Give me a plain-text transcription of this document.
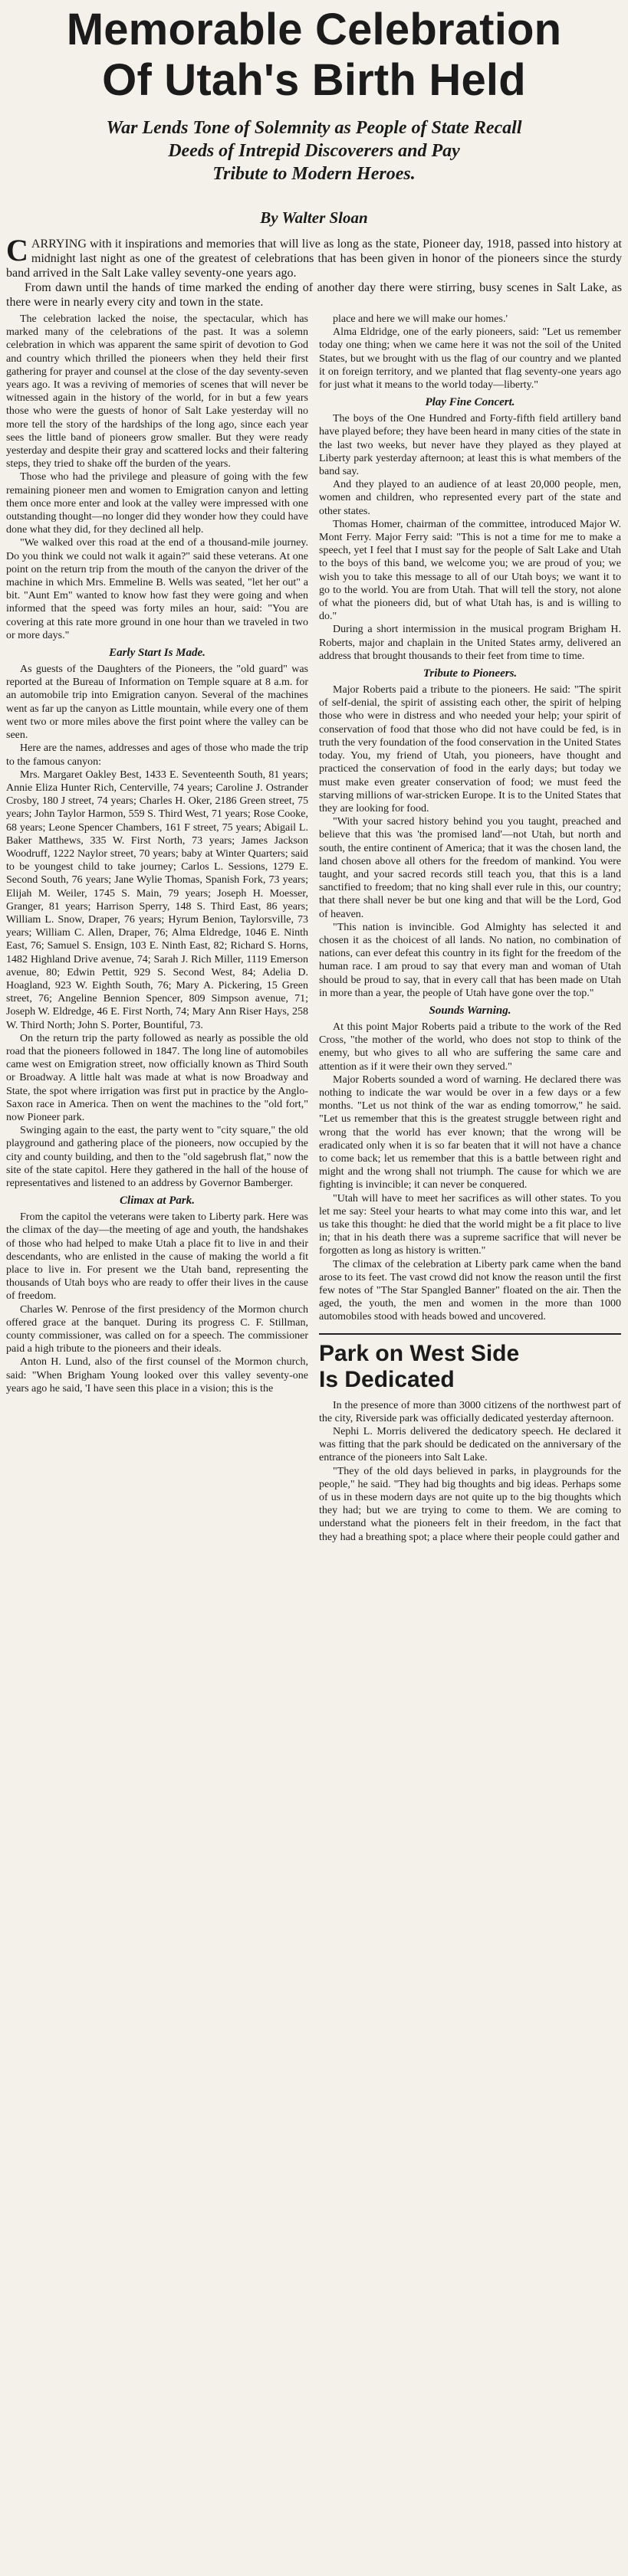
Memorable Celebration
Of Utah's Birth Held
War Lends Tone of Solemnity as People of State Recall
Deeds of Intrepid Discoverers and Pay
Tribute to Modern Heroes.
By Walter Sloan

CARRYING with it inspirations and memories that will live as long as the state, Pioneer day, 1918, passed into history at midnight last night as one of the greatest of celebrations that has been given in honor of the pioneers since the sturdy band arrived in the Salt Lake valley seventy-one years ago.

From dawn until the hands of time marked the ending of another day there were stirring, busy scenes in Salt Lake, as there were in nearly every city and town in the state.

The celebration lacked the noise, the spectacular, which has marked many of the celebrations of the past. It was a solemn celebration in which was apparent the same spirit of devotion to God and country which thrilled the pioneers when they held their first gathering for prayer and counsel at the close of the day seventy-seven years ago. It was a reviving of memories of scenes that will never be witnessed again in the history of the world, for in but a few years those who were the guests of honor of Salt Lake yesterday will no more tell the story of the hardships of the long ago, since each year sees the little band of pioneers grow smaller. But they were ready yesterday and despite their gray and scattered locks and their faltering steps, they tried to shake off the burden of the years.

Those who had the privilege and pleasure of going with the few remaining pioneer men and women to Emigration canyon and letting them once more enter and look at the valley were impressed with one outstanding thought—no longer did they wonder how they could have done what they did, for they declined all help.

"We walked over this road at the end of a thousand-mile journey. Do you think we could not walk it again?" said these veterans. At one point on the return trip from the mouth of the canyon the driver of the machine in which Mrs. Emmeline B. Wells was seated, "let her out" a bit. "Aunt Em" wanted to know how fast they were going and when informed that the speed was forty miles an hour, said: "You are covering at this rate more ground in one hour than we traveled in two or more days."

Early Start Is Made.

As guests of the Daughters of the Pioneers, the "old guard" was reported at the Bureau of Information on Temple square at 8 a.m. for an automobile trip into Emigration canyon. Several of the machines went as far up the canyon as Little mountain, while every one of them went two or more miles above the first point where the valley can be seen.

Here are the names, addresses and ages of those who made the trip to the famous canyon:

Mrs. Margaret Oakley Best, 1433 E. Seventeenth South, 81 years; Annie Eliza Hunter Rich, Centerville, 74 years; Caroline J. Ostrander Crosby, 180 J street, 74 years; Charles H. Oker, 2186 Green street, 75 years; John Taylor Harmon, 559 S. Third West, 71 years; Rose Cooke, 68 years; Leone Spencer Chambers, 161 F street, 75 years; Abigail L. Baker Matthews, 335 W. First North, 73 years; James Jackson Woodruff, 1222 Naylor street, 70 years; baby at Winter Quarters; said to be youngest child to take journey; Carlos L. Sessions, 1279 E. Second South, 76 years; Jane Wylie Thomas, Spanish Fork, 73 years; Elijah M. Weiler, 1745 S. Main, 79 years; Joseph H. Moesser, Granger, 81 years; Harrison Sperry, 148 S. Third East, 86 years; William L. Snow, Draper, 76 years; Hyrum Benion, Taylorsville, 73 years; William C. Allen, Draper, 76; Alma Eldredge, 1046 E. Ninth East, 76; Samuel S. Ensign, 103 E. Ninth East, 82; Richard S. Horns, 1482 Highland Drive avenue, 74; Sarah J. Rich Miller, 1119 Emerson avenue, 80; Edwin Pettit, 929 S. Second West, 84; Adelia D. Hoagland, 923 W. Eighth South, 76; Mary A. Pickering, 15 Green street, 76; Angeline Bennion Spencer, 809 Simpson avenue, 71; Joseph W. Eldredge, 46 E. First North, 74; Mary Ann Riser Hays, 258 W. Third North; John S. Porter, Bountiful, 73.

On the return trip the party followed as nearly as possible the old road that the pioneers followed in 1847. The long line of automobiles came west on Emigration street, now officially known as Third South or Broadway. A little halt was made at what is now Broadway and State, the spot where irrigation was first put in practice by the Anglo-Saxon race in America. Then on went the machines to the "old fort," now Pioneer park.

Swinging again to the east, the party went to "city square," the old playground and gathering place of the pioneers, now occupied by the city and county building, and then to the "old sagebrush flat," now the site of the state capitol. Here they gathered in the hall of the house of representatives and listened to an address by Governor Bamberger.

Climax at Park.

From the capitol the veterans were taken to Liberty park. Here was the climax of the day—the meeting of age and youth, the handshakes of those who had helped to make Utah a place fit to live in and their descendants, who are enlisted in the cause of making the world a fit place to live in. For present we the Utah band, representing the thousands of Utah boys who are ready to offer their lives in the cause of freedom.

Charles W. Penrose of the first presidency of the Mormon church offered grace at the banquet. During its progress C. F. Stillman, county commissioner, was called on for a speech. The commissioner paid a high tribute to the pioneers and their ideals.

Anton H. Lund, also of the first counsel of the Mormon church, said: "When Brigham Young looked over this valley seventy-one years ago he said, 'I have seen this place in a vision; this is the

place and here we will make our homes.'

Alma Eldridge, one of the early pioneers, said: "Let us remember today one thing; when we came here it was not the soil of the United States, but we brought with us the flag of our country and we planted it on foreign territory, and we planted that flag seventy-one years ago for just what it means to the world today—liberty."

Play Fine Concert.

The boys of the One Hundred and Forty-fifth field artillery band have played before; they have been heard in many cities of the state in the last two weeks, but never have they played as they played at Liberty park yesterday afternoon; at least this is what members of the band say.

And they played to an audience of at least 20,000 people, men, women and children, who represented every part of the state and other states.

Thomas Homer, chairman of the committee, introduced Major W. Mont Ferry. Major Ferry said: "This is not a time for me to make a speech, yet I feel that I must say for the people of Salt Lake and Utah to the boys of this band, we welcome you; we are proud of you; we wish you to take this message to all of our Utah boys; we want it to go to the world. You are from Utah. That will tell the story, not alone of what the pioneers did, but of what Utah has, is and is willing to do."

During a short intermission in the musical program Brigham H. Roberts, major and chaplain in the United States army, delivered an address that brought thousands to their feet from time to time.

Tribute to Pioneers.

Major Roberts paid a tribute to the pioneers. He said: "The spirit of self-denial, the spirit of assisting each other, the spirit of helping those who were in distress and who needed your help; your spirit of conservation of food that those who did not have could be fed, is in truth the very foundation of the food conservation in the United States today. You, my friend of Utah, you pioneers, have thought and practiced the conservation of food in the early days; but today we must make even greater conservation of food; we must feed the starving millions of war-stricken Europe. It is to the United States that they are looking for food.

"With your sacred history behind you you taught, preached and believe that this was 'the promised land'—not Utah, but north and south, the entire continent of America; that it was the chosen land, the land chosen above all others for the freedom of mankind. You were taught, and your sacred records still teach you, that this is a land sanctified to freedom; that no king shall ever rule in this, our country; that there shall never be but one king and that will be the Lord, God of heaven.

"This nation is invincible. God Almighty has selected it and chosen it as the choicest of all lands. No nation, no combination of nations, can ever defeat this country in its fight for the freedom of the human race. I am proud to say that every man and woman of Utah should be proud to say, that in every call that has been made on Utah in more than a year, the people of Utah have gone over the top."

Sounds Warning.

At this point Major Roberts paid a tribute to the work of the Red Cross, "the mother of the world, who does not stop to think of the enemy, but who gives to all who are suffering the same care and attention as if it were their own they served."

Major Roberts sounded a word of warning. He declared there was nothing to indicate the war would be over in a few days or a few months. "Let us not think of the war as ending tomorrow," he said. "Let us remember that this is the greatest struggle between right and wrong that the world has ever known; that the wrong will be eradicated only when it is so far beaten that it will not have a chance to come back; let us remember that this is a battle between right and might and the wrong shall not triumph. The cause for which we are fighting is invincible; it can never be conquered.

"Utah will have to meet her sacrifices as will other states. To you let me say: Steel your hearts to what may come into this war, and let us take this thought: he died that the world might be a fit place to live in; that in his death there was a supreme sacrifice that will never be forgotten as long as history is written."

The climax of the celebration at Liberty park came when the band arose to its feet. The vast crowd did not know the reason until the first few notes of "The Star Spangled Banner" floated on the air. Then the aged, the youth, the men and women in the more than 1000 automobiles stood with heads bowed and uncovered.

Park on West Side
Is Dedicated

In the presence of more than 3000 citizens of the northwest part of the city, Riverside park was officially dedicated yesterday afternoon.

Nephi L. Morris delivered the dedicatory speech. He declared it was fitting that the park should be dedicated on the anniversary of the entrance of the pioneers into Salt Lake.

"They of the old days believed in parks, in playgrounds for the people," he said. "They had big thoughts and big ideas. Perhaps some of us in these modern days are not quite up to the big thoughts which they had; but we are trying to come to them. We are coming to understand what the pioneers felt in their freedom, in the fact that they had a breathing spot; a place where their people could gather and
